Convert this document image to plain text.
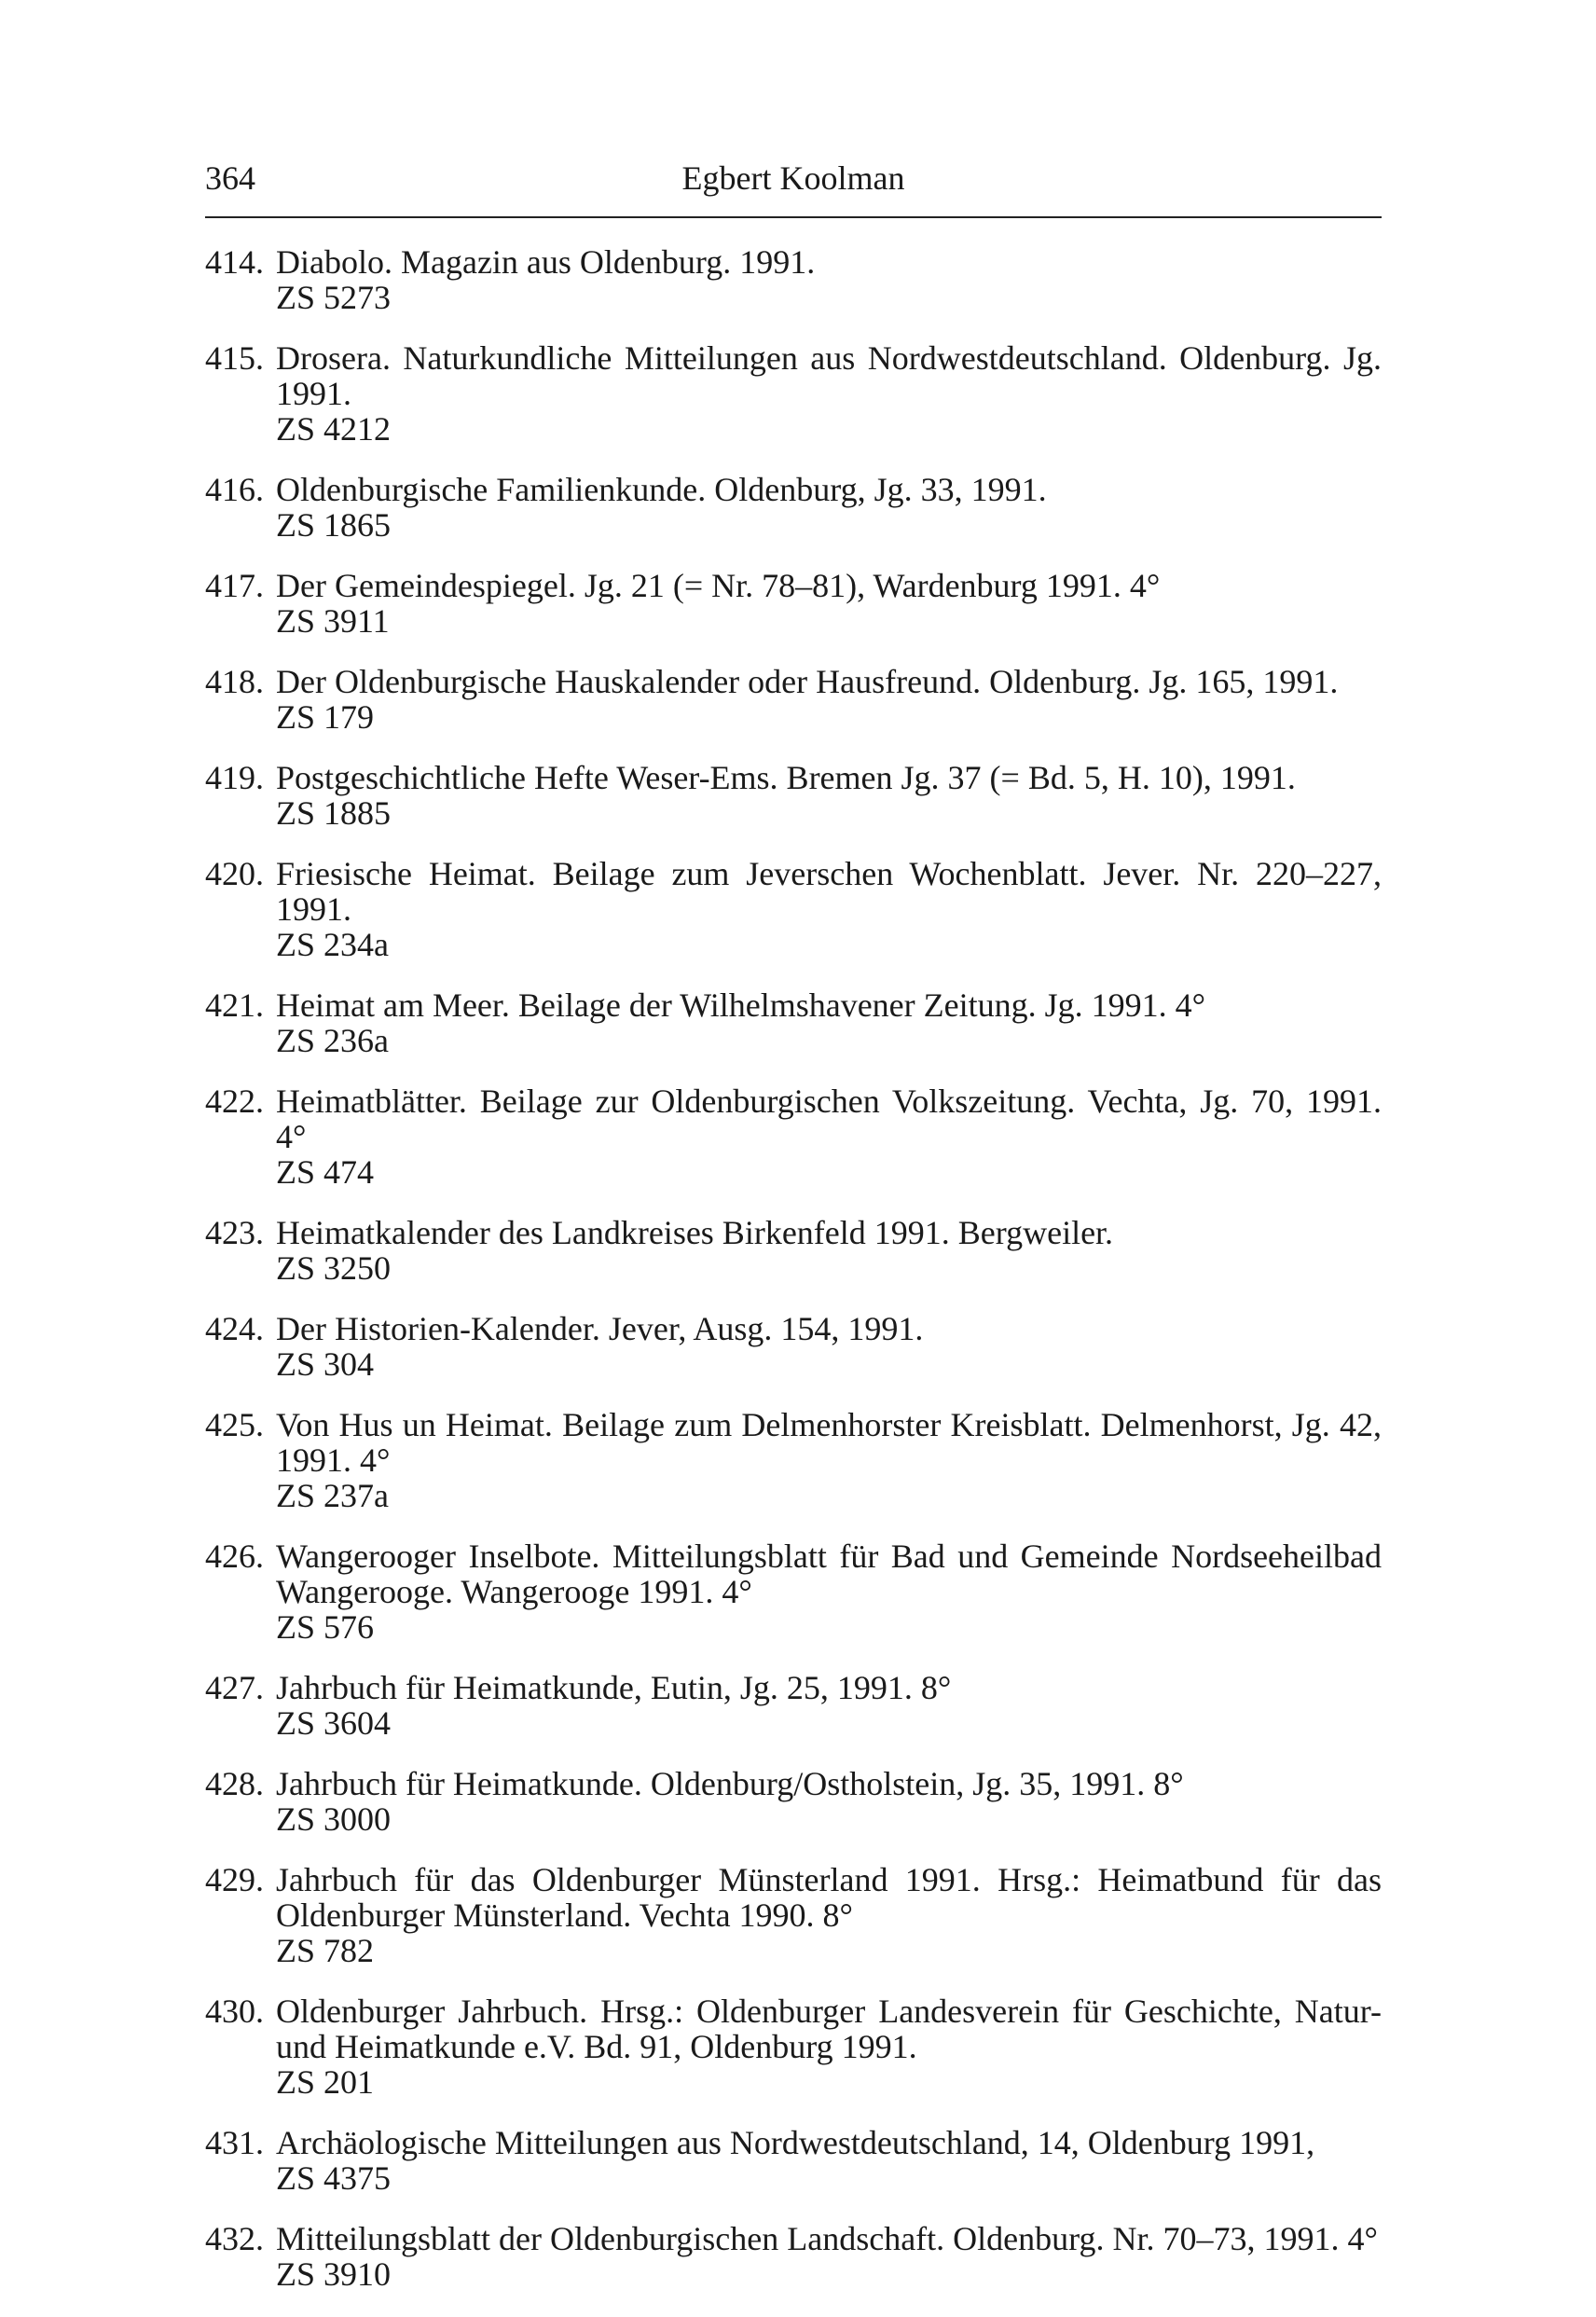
364	Egbert Koolman
414. Diabolo. Magazin aus Oldenburg. 1991.
ZS 5273
415. Drosera. Naturkundliche Mitteilungen aus Nordwestdeutschland. Oldenburg. Jg. 1991.
ZS 4212
416. Oldenburgische Familienkunde. Oldenburg, Jg. 33, 1991.
ZS 1865
417. Der Gemeindespiegel. Jg. 21 (= Nr. 78–81), Wardenburg 1991. 4°
ZS 3911
418. Der Oldenburgische Hauskalender oder Hausfreund. Oldenburg. Jg. 165, 1991.
ZS 179
419. Postgeschichtliche Hefte Weser-Ems. Bremen Jg. 37 (= Bd. 5, H. 10), 1991.
ZS 1885
420. Friesische Heimat. Beilage zum Jeverschen Wochenblatt. Jever. Nr. 220–227, 1991.
ZS 234a
421. Heimat am Meer. Beilage der Wilhelmshavener Zeitung. Jg. 1991. 4°
ZS 236a
422. Heimatblätter. Beilage zur Oldenburgischen Volkszeitung. Vechta, Jg. 70, 1991. 4°
ZS 474
423. Heimatkalender des Landkreises Birkenfeld 1991. Bergweiler.
ZS 3250
424. Der Historien-Kalender. Jever, Ausg. 154, 1991.
ZS 304
425. Von Hus un Heimat. Beilage zum Delmenhorster Kreisblatt. Delmenhorst, Jg. 42, 1991. 4°
ZS 237a
426. Wangerooger Inselbote. Mitteilungsblatt für Bad und Gemeinde Nordseeheilbad Wangerooge. Wangerooge 1991. 4°
ZS 576
427. Jahrbuch für Heimatkunde, Eutin, Jg. 25, 1991. 8°
ZS 3604
428. Jahrbuch für Heimatkunde. Oldenburg/Ostholstein, Jg. 35, 1991. 8°
ZS 3000
429. Jahrbuch für das Oldenburger Münsterland 1991. Hrsg.: Heimatbund für das Oldenburger Münsterland. Vechta 1990. 8°
ZS 782
430. Oldenburger Jahrbuch. Hrsg.: Oldenburger Landesverein für Geschichte, Natur- und Heimatkunde e.V. Bd. 91, Oldenburg 1991.
ZS 201
431. Archäologische Mitteilungen aus Nordwestdeutschland, 14, Oldenburg 1991,
ZS 4375
432. Mitteilungsblatt der Oldenburgischen Landschaft. Oldenburg. Nr. 70–73, 1991. 4°
ZS 3910
